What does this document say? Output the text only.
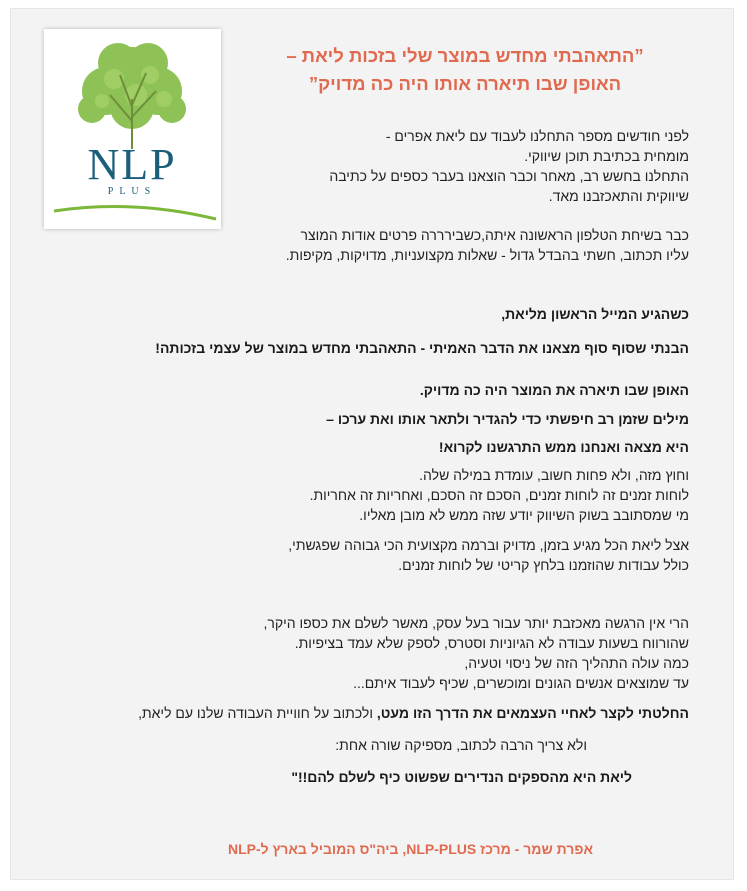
NLP
PLUS

”התאהבתי מחדש במוצר שלי בזכות ליאת –

האופן שבו תיארה אותו היה כה מדויק”

לפני חודשים מספר התחלנו לעבוד עם ליאת אפרים -
מומחית בכתיבת תוכן שיווקי.
התחלנו בחשש רב, מאחר וכבר הוצאנו בעבר כספים על כתיבה
שיווקית והתאכזבנו מאד.

כבר בשיחת הטלפון הראשונה איתה,כשבירררה פרטים אודות המוצר
עליו תכתוב, חשתי בהבדל גדול - שאלות מקצועניות, מדויקות, מקיפות.

כשהגיע המייל הראשון מליאת,

הבנתי שסוף סוף מצאנו את הדבר האמיתי - התאהבתי מחדש במוצר של עצמי בזכותה!

האופן שבו תיארה את המוצר היה כה מדויק.

מילים שזמן רב חיפשתי כדי להגדיר ולתאר אותו ואת ערכו –

היא מצאה ואנחנו ממש התרגשנו לקרוא!

וחוץ מזה, ולא פחות חשוב, עומדת במילה שלה.
לוחות זמנים זה לוחות זמנים, הסכם זה הסכם, ואחריות זה אחריות.
מי שמסתובב בשוק השיווק יודע שזה ממש לא מובן מאליו.

אצל ליאת הכל מגיע בזמן, מדויק וברמה מקצועית הכי גבוהה שפגשתי,
כולל עבודות שהוזמנו בלחץ קריטי של לוחות זמנים.

הרי אין הרגשה מאכזבת יותר עבור בעל עסק, מאשר לשלם את כספו היקר,
שהורווח בשעות עבודה לא הגיוניות וסטרס, לספק שלא עמד בציפיות.
כמה עולה התהליך הזה של ניסוי וטעיה,
עד שמוצאים אנשים הגונים ומוכשרים, שכיף לעבוד איתם...

החלטתי לקצר לאחיי העצמאים את הדרך הזו מעט, ולכתוב על חוויית העבודה שלנו עם ליאת,

ולא צריך הרבה לכתוב, מספיקה שורה אחת:

ליאת היא מהספקים הנדירים שפשוט כיף לשלם להם!!"

אפרת שמר - מרכז NLP-PLUS, ביה"ס המוביל בארץ ל-NLP
